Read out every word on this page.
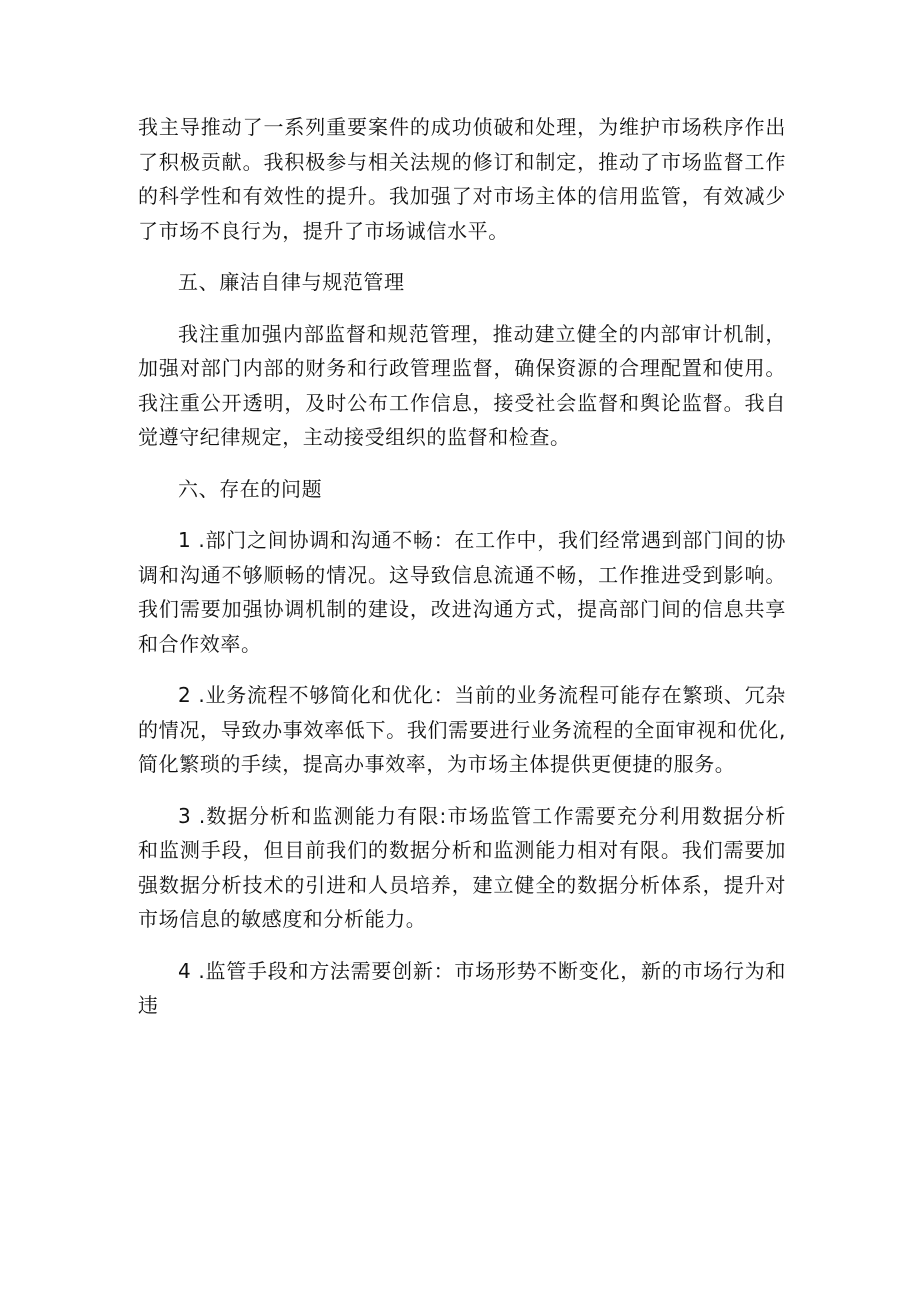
我主导推动了一系列重要案件的成功侦破和处理，为维护市场秩序作出了积极贡献。我积极参与相关法规的修订和制定，推动了市场监督工作的科学性和有效性的提升。我加强了对市场主体的信用监管，有效减少了市场不良行为，提升了市场诚信水平。

五、廉洁自律与规范管理

我注重加强内部监督和规范管理，推动建立健全的内部审计机制，加强对部门内部的财务和行政管理监督，确保资源的合理配置和使用。我注重公开透明，及时公布工作信息，接受社会监督和舆论监督。我自觉遵守纪律规定，主动接受组织的监督和检查。

六、存在的问题

1 .部门之间协调和沟通不畅：在工作中，我们经常遇到部门间的协调和沟通不够顺畅的情况。这导致信息流通不畅，工作推进受到影响。我们需要加强协调机制的建设，改进沟通方式，提高部门间的信息共享和合作效率。

2 .业务流程不够简化和优化：当前的业务流程可能存在繁琐、冗杂的情况，导致办事效率低下。我们需要进行业务流程的全面审视和优化,简化繁琐的手续，提高办事效率，为市场主体提供更便捷的服务。

3 .数据分析和监测能力有限:市场监管工作需要充分利用数据分析和监测手段，但目前我们的数据分析和监测能力相对有限。我们需要加强数据分析技术的引进和人员培养，建立健全的数据分析体系，提升对市场信息的敏感度和分析能力。

4 .监管手段和方法需要创新：市场形势不断变化，新的市场行为和违
